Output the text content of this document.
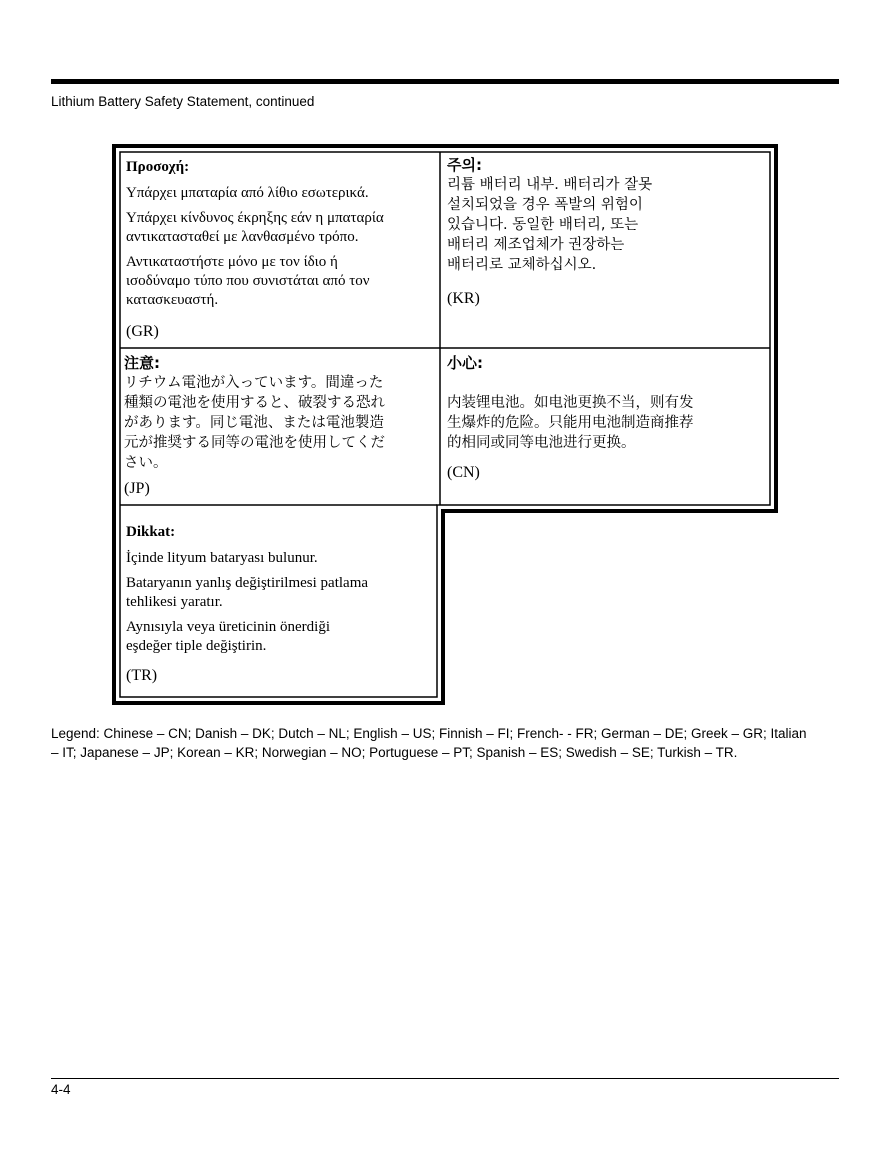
Lithium Battery Safety Statement, continued
Προσοχή:
Υπάρχει μπαταρία από λίθιο εσωτερικά.
Υπάρχει κίνδυνος έκρηξης εάν η μπαταρία
αντικατασταθεί με λανθασμένο τρόπο.
Αντικαταστήστε μόνο με τον ίδιο ή
ισοδύναμο τύπο που συνιστάται από τον
κατασκευαστή.
(GR)
주의:
리튬 배터리 내부. 배터리가 잘못
설치되었을 경우 폭발의 위험이
있습니다. 동일한 배터리, 또는
배터리 제조업체가 권장하는
배터리로 교체하십시오.
(KR)
注意:
リチウム電池が入っています。間違った
種類の電池を使用すると、破裂する恐れ
があります。同じ電池、または電池製造
元が推奨する同等の電池を使用してくだ
さい。
(JP)
小心:
内装锂电池。如电池更换不当，则有发
生爆炸的危险。只能用电池制造商推荐
的相同或同等电池进行更换。
(CN)
Dikkat:
İçinde lityum bataryası bulunur.
Bataryanın yanlış değiştirilmesi patlama
tehlikesi yaratır.
Aynısıyla veya üreticinin önerdiği
eşdeğer tiple değiştirin.
(TR)
Legend: Chinese – CN; Danish – DK; Dutch – NL; English – US; Finnish – FI; French- - FR; German – DE; Greek – GR; Italian
– IT; Japanese – JP; Korean – KR; Norwegian – NO; Portuguese – PT; Spanish – ES; Swedish – SE; Turkish – TR.
4-4
